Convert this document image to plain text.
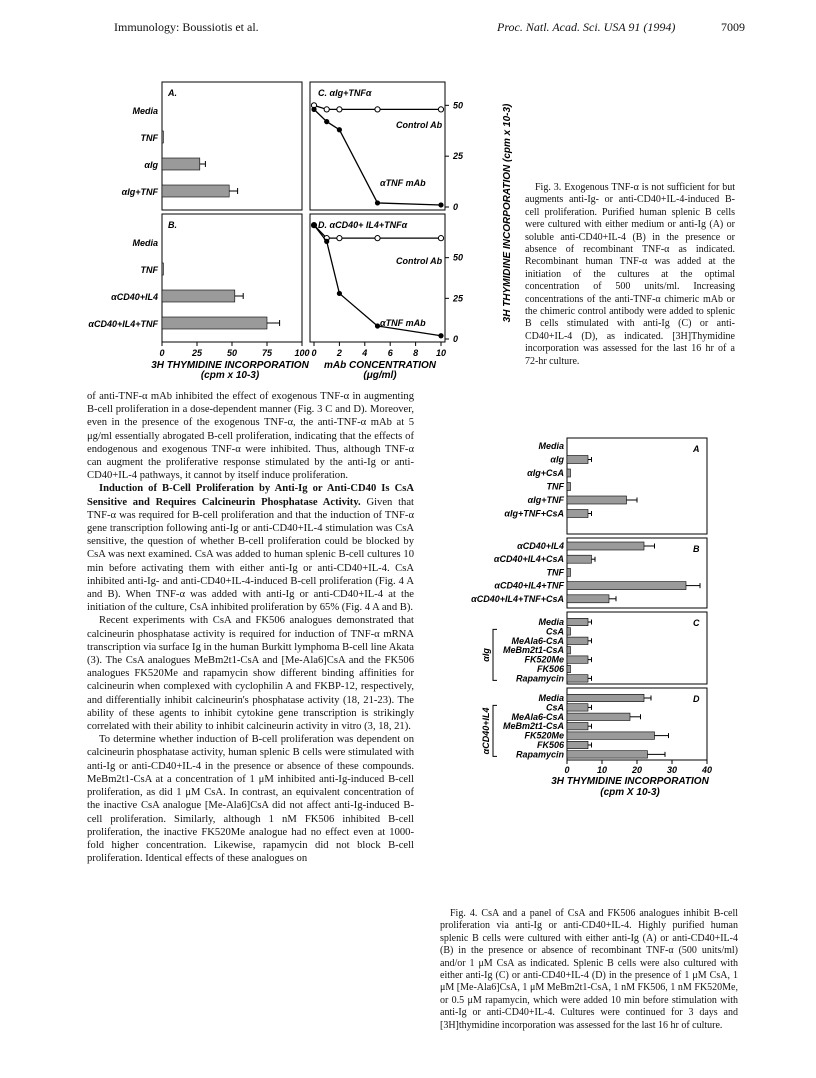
Immunology: Boussiotis et al.	Proc. Natl. Acad. Sci. USA 91 (1994)	7009
A.
B.
Media
TNF
αIg
αIg+TNF
Media
TNF
αCD40+IL4
αCD40+IL4+TNF
0	25	50	75 100
3H THYMIDINE INCORPORATION
(cpm x 10-3)
C. αIg+TNFα
D. αCD40+ IL4+TNFα
Control Ab
αTNF mAb
Control Ab
αTNF mAb
0 2 4 6 8 10
0
25
50
0
25
50
mAb CONCENTRATION
(μg/ml)
3H THYMIDINE INCORPORATION (cpm x 10-3)	Fig. 3. Exogenous TNF-α is not sufficient for but augments anti-Ig- or anti-CD40+IL-4-induced B-cell proliferation. Purified human splenic B cells were cultured with either medium or anti-Ig (A) or soluble anti-CD40+IL-4 (B) in the presence or absence of recombinant TNF-α as indicated. Recombinant human TNF-α was added at the initiation of the cultures at the optimal concentration of 500 units/ml. Increasing concentrations of the anti-TNF-α chimeric mAb or the chimeric control antibody were added to splenic B cells stimulated with anti-Ig (C) or anti-CD40+IL-4 (D), as indicated. [3H]Thymidine incorporation was assessed for the last 16 hr of a 72-hr culture.

of anti-TNF-α mAb inhibited the effect of exogenous TNF-α in augmenting B-cell proliferation in a dose-dependent manner (Fig. 3 C and D). Moreover, even in the presence of the exogenous TNF-α, the anti-TNF-α mAb at 5 μg/ml essentially abrogated B-cell proliferation, indicating that the effects of endogenous and exogenous TNF-α were inhibited. Thus, although TNF-α can augment the proliferative response stimulated by the anti-Ig or anti-CD40+IL-4 pathways, it cannot by itself induce proliferation.

Induction of B-Cell Proliferation by Anti-Ig or Anti-CD40 Is CsA Sensitive and Requires Calcineurin Phosphatase Activity. Given that TNF-α was required for B-cell proliferation and that the induction of TNF-α gene transcription following anti-Ig or anti-CD40+IL-4 stimulation was CsA sensitive, the question of whether B-cell proliferation could be blocked by CsA was next examined. CsA was added to human splenic B-cell cultures 10 min before activating them with either anti-Ig or anti-CD40+IL-4. CsA inhibited anti-Ig- and anti-CD40+IL-4-induced B-cell proliferation (Fig. 4 A and B). When TNF-α was added with anti-Ig or anti-CD40+IL-4 at the initiation of the culture, CsA inhibited proliferation by 65% (Fig. 4 A and B).

Recent experiments with CsA and FK506 analogues demonstrated that calcineurin phosphatase activity is required for induction of TNF-α mRNA transcription via surface Ig in the human Burkitt lymphoma B-cell line Akata (3). The CsA analogues MeBm2t1-CsA and [Me-Ala6]CsA and the FK506 analogues FK520Me and rapamycin show different binding affinities for calcineurin when complexed with cyclophilin A and FKBP-12, respectively, and differentially inhibit calcineurin's phosphatase activity (18, 21-23). The ability of these agents to inhibit cytokine gene transcription is strikingly correlated with their ability to inhibit calcineurin activity in vitro (3, 18, 21).

To determine whether induction of B-cell proliferation was dependent on calcineurin phosphatase activity, human splenic B cells were stimulated with anti-Ig or anti-CD40+IL-4 in the presence or absence of these compounds. MeBm2t1-CsA at a concentration of 1 μM inhibited anti-Ig-induced B-cell proliferation, as did 1 μM CsA. In contrast, an equivalent concentration of the inactive CsA analogue [Me-Ala6]CsA did not affect anti-Ig-induced B-cell proliferation. Similarly, although 1 nM FK506 inhibited B-cell proliferation, the inactive FK520Me analogue had no effect even at 1000-fold higher concentration. Likewise, rapamycin did not block B-cell proliferation. Identical effects of these analogues on

A
B
C
D
Media
αIg
αIg+CsA
TNF
αIg+TNF
αIg+TNF+CsA
αCD40+IL4
αCD40+IL4+CsA
TNF
αCD40+IL4+TNF
αCD40+IL4+TNF+CsA
Media
CsA
MeAla6-CsA
MeBm2t1-CsA
FK520Me
FK506
Rapamycin
αIg
Media
CsA
MeAla6-CsA
MeBm2t1-CsA
FK520Me
FK506
Rapamycin
αCD40+IL4
0	10	20	30	40
3H THYMIDINE INCORPORATION
(cpm X 10-3)

Fig. 4. CsA and a panel of CsA and FK506 analogues inhibit B-cell proliferation via anti-Ig or anti-CD40+IL-4. Highly purified human splenic B cells were cultured with either anti-Ig (A) or anti-CD40+IL-4 (B) in the presence or absence of recombinant TNF-α (500 units/ml) and/or 1 μM CsA as indicated. Splenic B cells were also cultured with either anti-Ig (C) or anti-CD40+IL-4 (D) in the presence of 1 μM CsA, 1 μM [Me-Ala6]CsA, 1 μM MeBm2t1-CsA, 1 nM FK506, 1 nM FK520Me, or 0.5 μM rapamycin, which were added 10 min before stimulation with anti-Ig or anti-CD40+IL-4. Cultures were continued for 3 days and [3H]thymidine incorporation was assessed for the last 16 hr of culture.
